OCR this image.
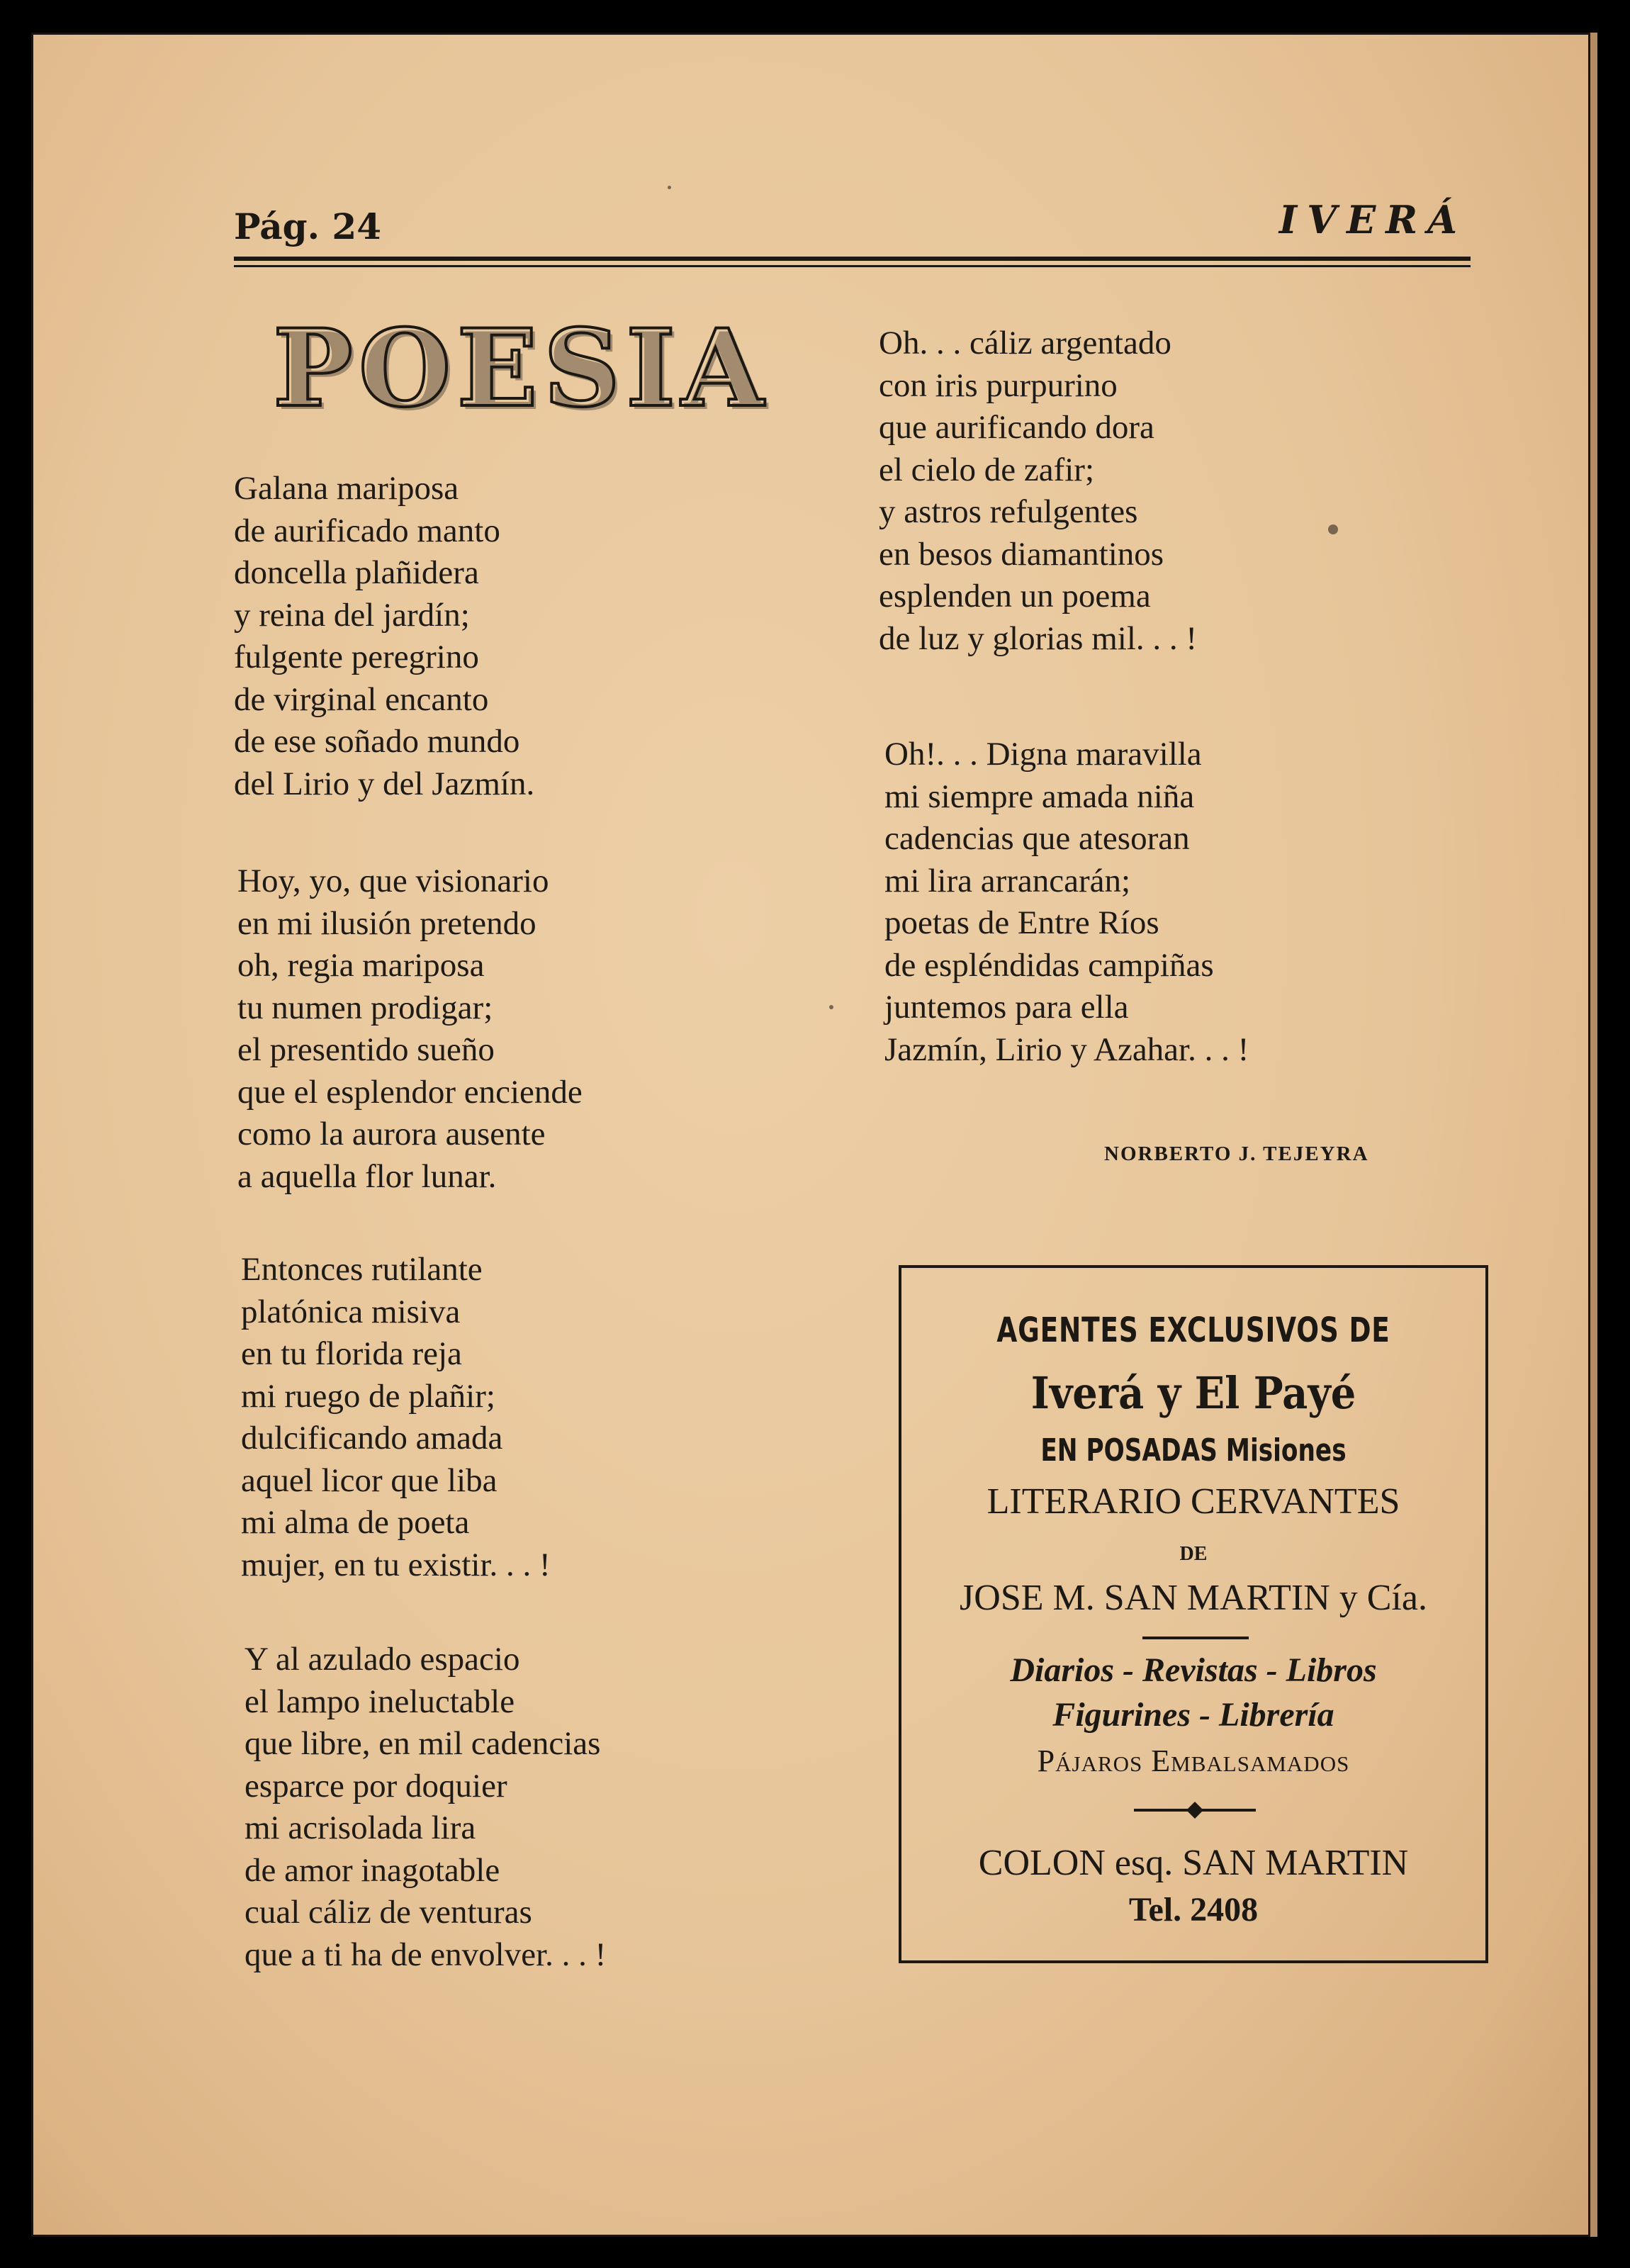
Pág. 24	IVERÁ
POESIA
Galana mariposa
de aurificado manto
doncella plañidera
y reina del jardín;
fulgente peregrino
de virginal encanto
de ese soñado mundo
del Lirio y del Jazmín.
Hoy, yo, que visionario
en mi ilusión pretendo
oh, regia mariposa
tu numen prodigar;
el presentido sueño
que el esplendor enciende
como la aurora ausente
a aquella flor lunar.
Entonces rutilante
platónica misiva
en tu florida reja
mi ruego de plañir;
dulcificando amada
aquel licor que liba
mi alma de poeta
mujer, en tu existir. . . !
Y al azulado espacio
el lampo ineluctable
que libre, en mil cadencias
esparce por doquier
mi acrisolada lira
de amor inagotable
cual cáliz de venturas
que a ti ha de envolver. . . !
Oh. . . cáliz argentado
con iris purpurino
que aurificando dora
el cielo de zafir;
y astros refulgentes
en besos diamantinos
esplenden un poema
de luz y glorias mil. . . !
Oh!. . . Digna maravilla
mi siempre amada niña
cadencias que atesoran
mi lira arrancarán;
poetas de Entre Ríos
de espléndidas campiñas
juntemos para ella
Jazmín, Lirio y Azahar. . . !
NORBERTO J. TEJEYRA
AGENTES EXCLUSIVOS DE
Iverá y El Payé
EN POSADAS Misiones
LITERARIO CERVANTES
DE
JOSE M. SAN MARTIN y Cía.
Diarios - Revistas - Libros
Figurines - Librería
Pájaros Embalsamados
COLON esq. SAN MARTIN
Tel. 2408
